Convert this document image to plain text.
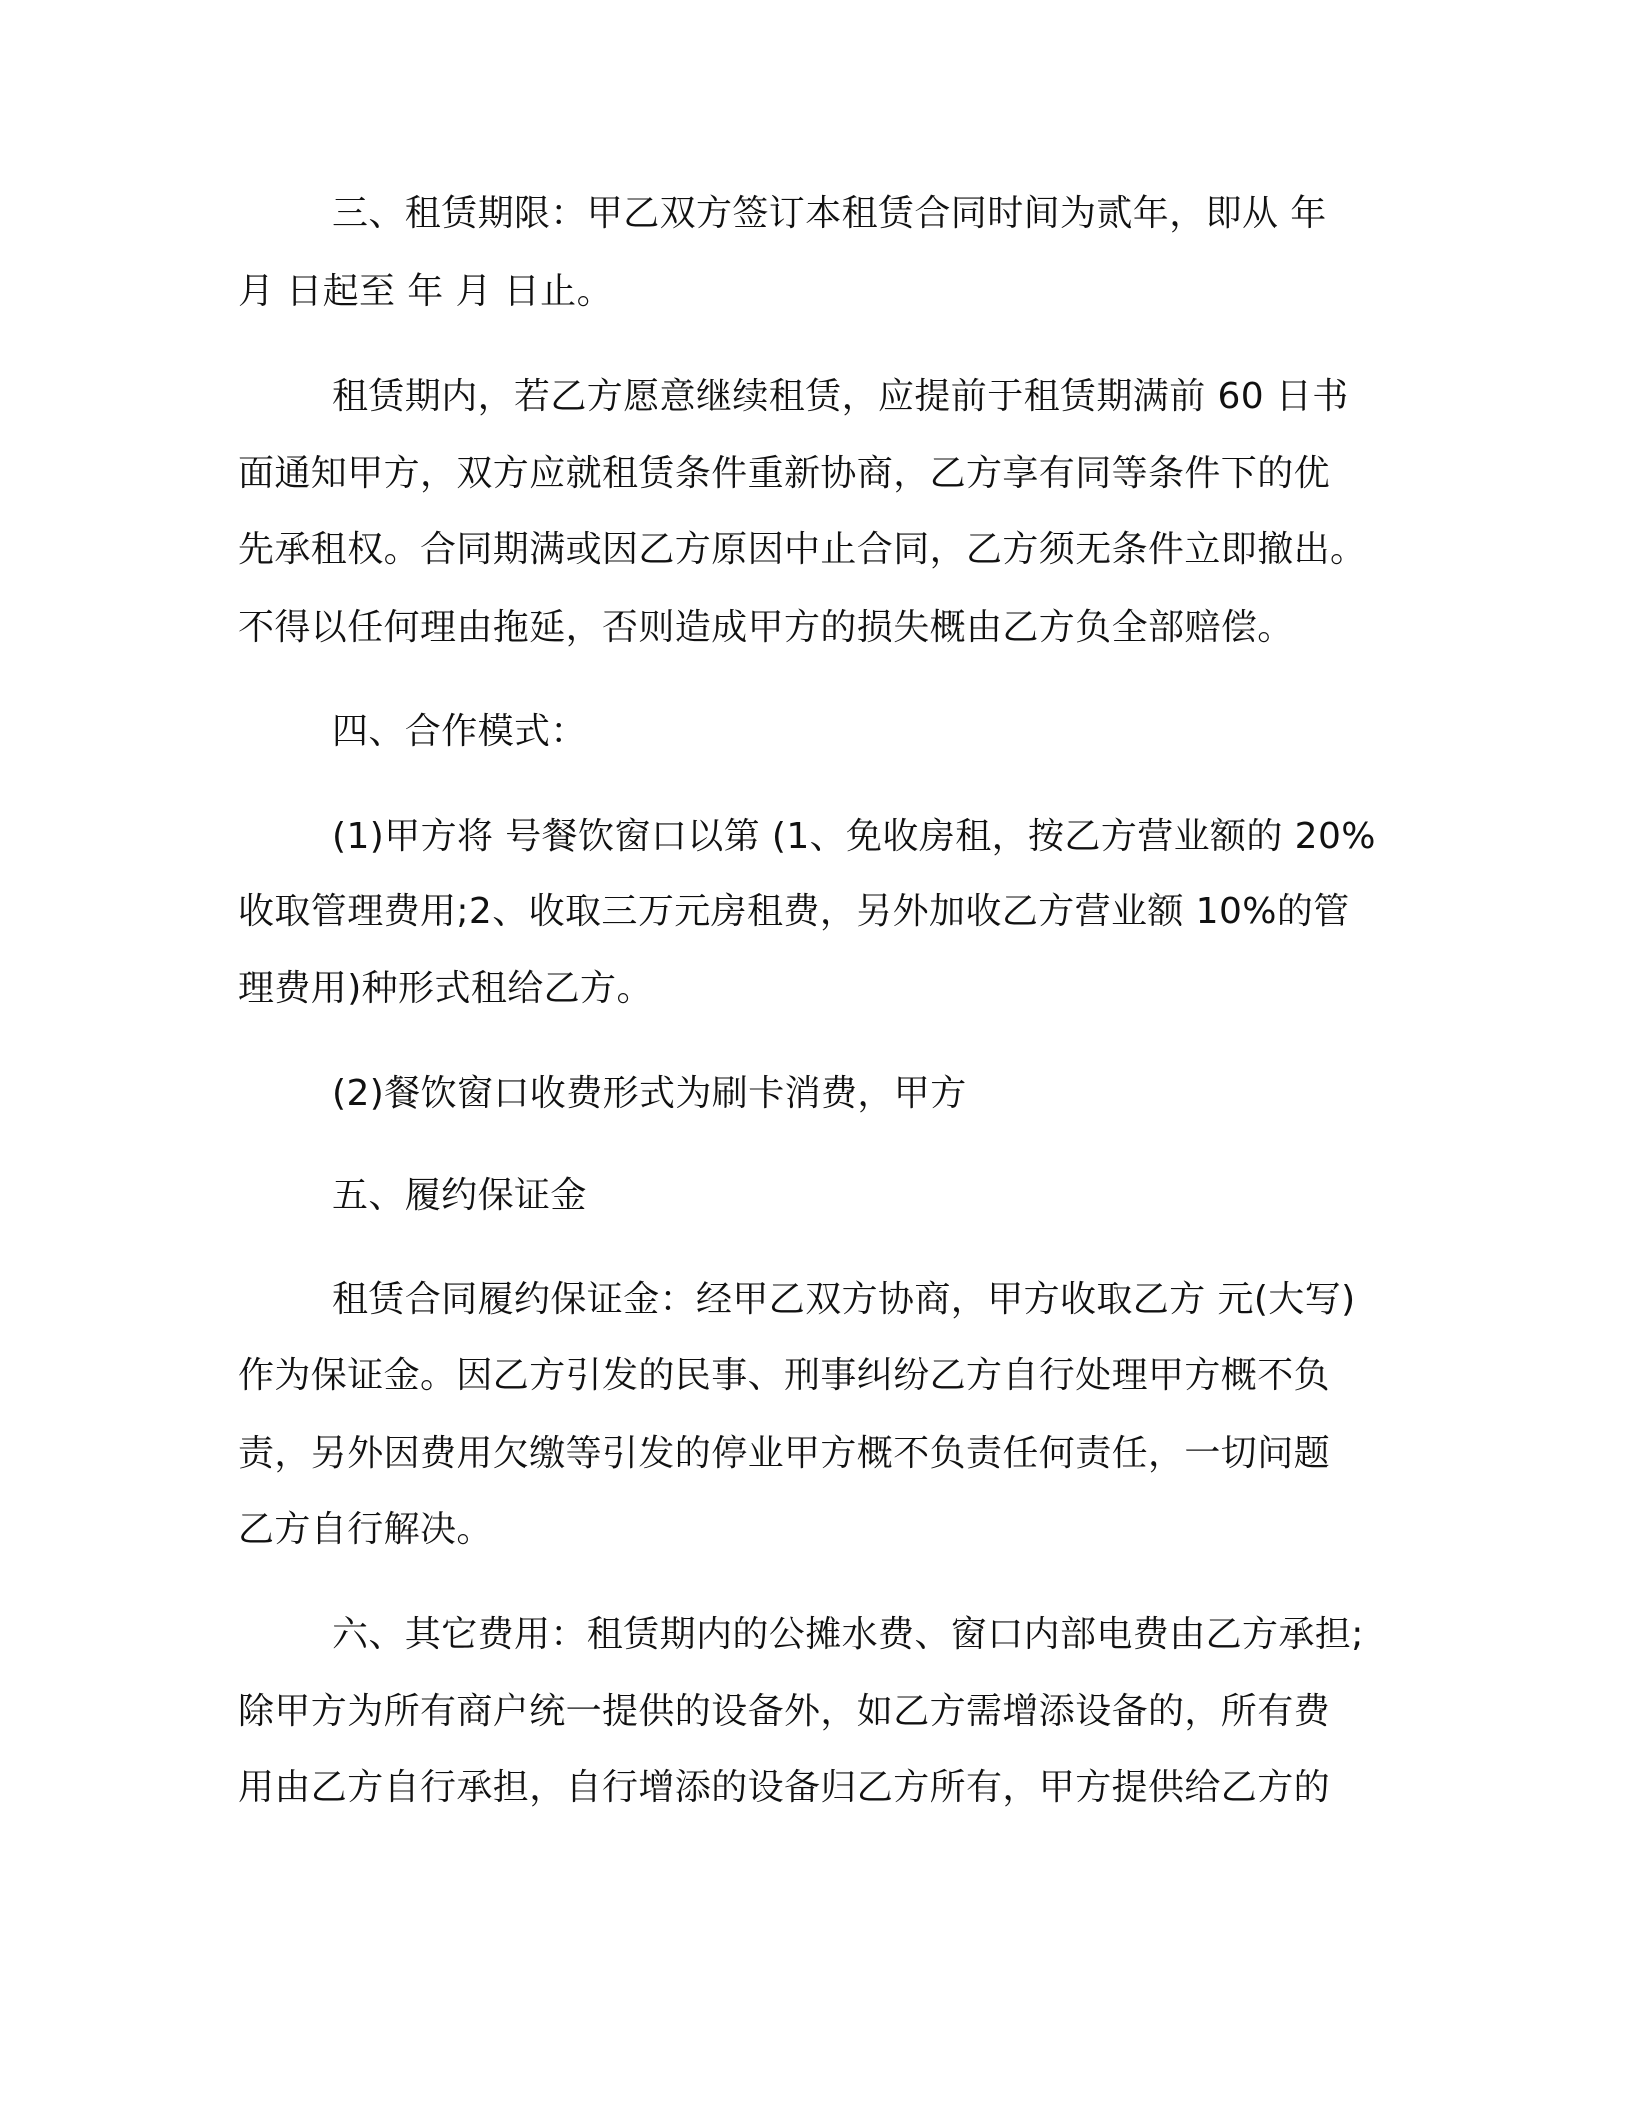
三、租赁期限：甲乙双方签订本租赁合同时间为贰年，即从 年
月 日起至 年 月 日止。
租赁期内，若乙方愿意继续租赁，应提前于租赁期满前 60 日书
面通知甲方，双方应就租赁条件重新协商，乙方享有同等条件下的优
先承租权。合同期满或因乙方原因中止合同，乙方须无条件立即撤出。
不得以任何理由拖延，否则造成甲方的损失概由乙方负全部赔偿。
四、合作模式：
(1)甲方将 号餐饮窗口以第 (1、免收房租，按乙方营业额的 20%
收取管理费用;2、收取三万元房租费，另外加收乙方营业额 10%的管
理费用)种形式租给乙方。
(2)餐饮窗口收费形式为刷卡消费，甲方
五、履约保证金
租赁合同履约保证金：经甲乙双方协商，甲方收取乙方 元(大写)
作为保证金。因乙方引发的民事、刑事纠纷乙方自行处理甲方概不负
责，另外因费用欠缴等引发的停业甲方概不负责任何责任，一切问题
乙方自行解决。
六、其它费用：租赁期内的公摊水费、窗口内部电费由乙方承担;
除甲方为所有商户统一提供的设备外，如乙方需增添设备的，所有费
用由乙方自行承担，自行增添的设备归乙方所有，甲方提供给乙方的
